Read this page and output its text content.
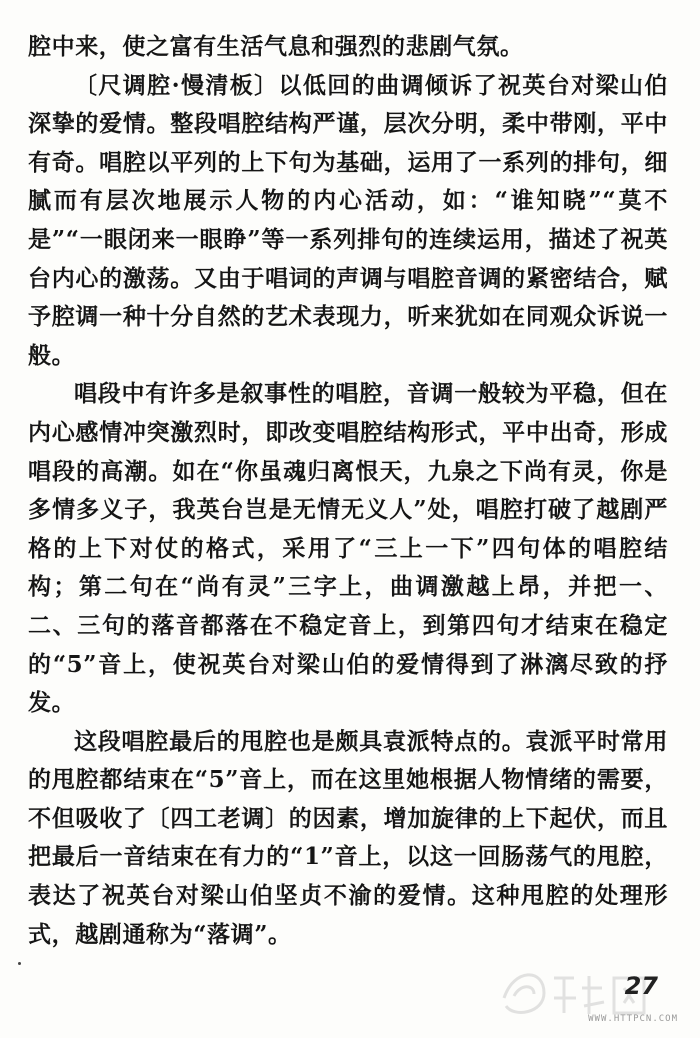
腔中来，使之富有生活气息和强烈的悲剧气氛。

〔尺调腔·慢清板〕以低回的曲调倾诉了祝英台对梁山伯深挚的爱情。整段唱腔结构严谨，层次分明，柔中带刚，平中有奇。唱腔以平列的上下句为基础，运用了一系列的排句，细腻而有层次地展示人物的内心活动，如：“谁知晓”“莫不是”“一眼闭来一眼睁”等一系列排句的连续运用，描述了祝英台内心的激荡。又由于唱词的声调与唱腔音调的紧密结合，赋予腔调一种十分自然的艺术表现力，听来犹如在同观众诉说一般。

唱段中有许多是叙事性的唱腔，音调一般较为平稳，但在内心感情冲突激烈时，即改变唱腔结构形式，平中出奇，形成唱段的高潮。如在“你虽魂归离恨天，九泉之下尚有灵，你是多情多义子，我英台岂是无情无义人”处，唱腔打破了越剧严格的上下对仗的格式，采用了“三上一下”四句体的唱腔结构；第二句在“尚有灵”三字上，曲调激越上昂，并把一、二、三句的落音都落在不稳定音上，到第四句才结束在稳定的“5”音上，使祝英台对梁山伯的爱情得到了淋漓尽致的抒发。

这段唱腔最后的甩腔也是颇具袁派特点的。袁派平时常用的甩腔都结束在“5”音上，而在这里她根据人物情绪的需要，不但吸收了〔四工老调〕的因素，增加旋律的上下起伏，而且把最后一音结束在有力的“1”音上，以这一回肠荡气的甩腔，表达了祝英台对梁山伯坚贞不渝的爱情。这种甩腔的处理形式，越剧通称为“落调”。

27
WWW.HTTPCN.COM
